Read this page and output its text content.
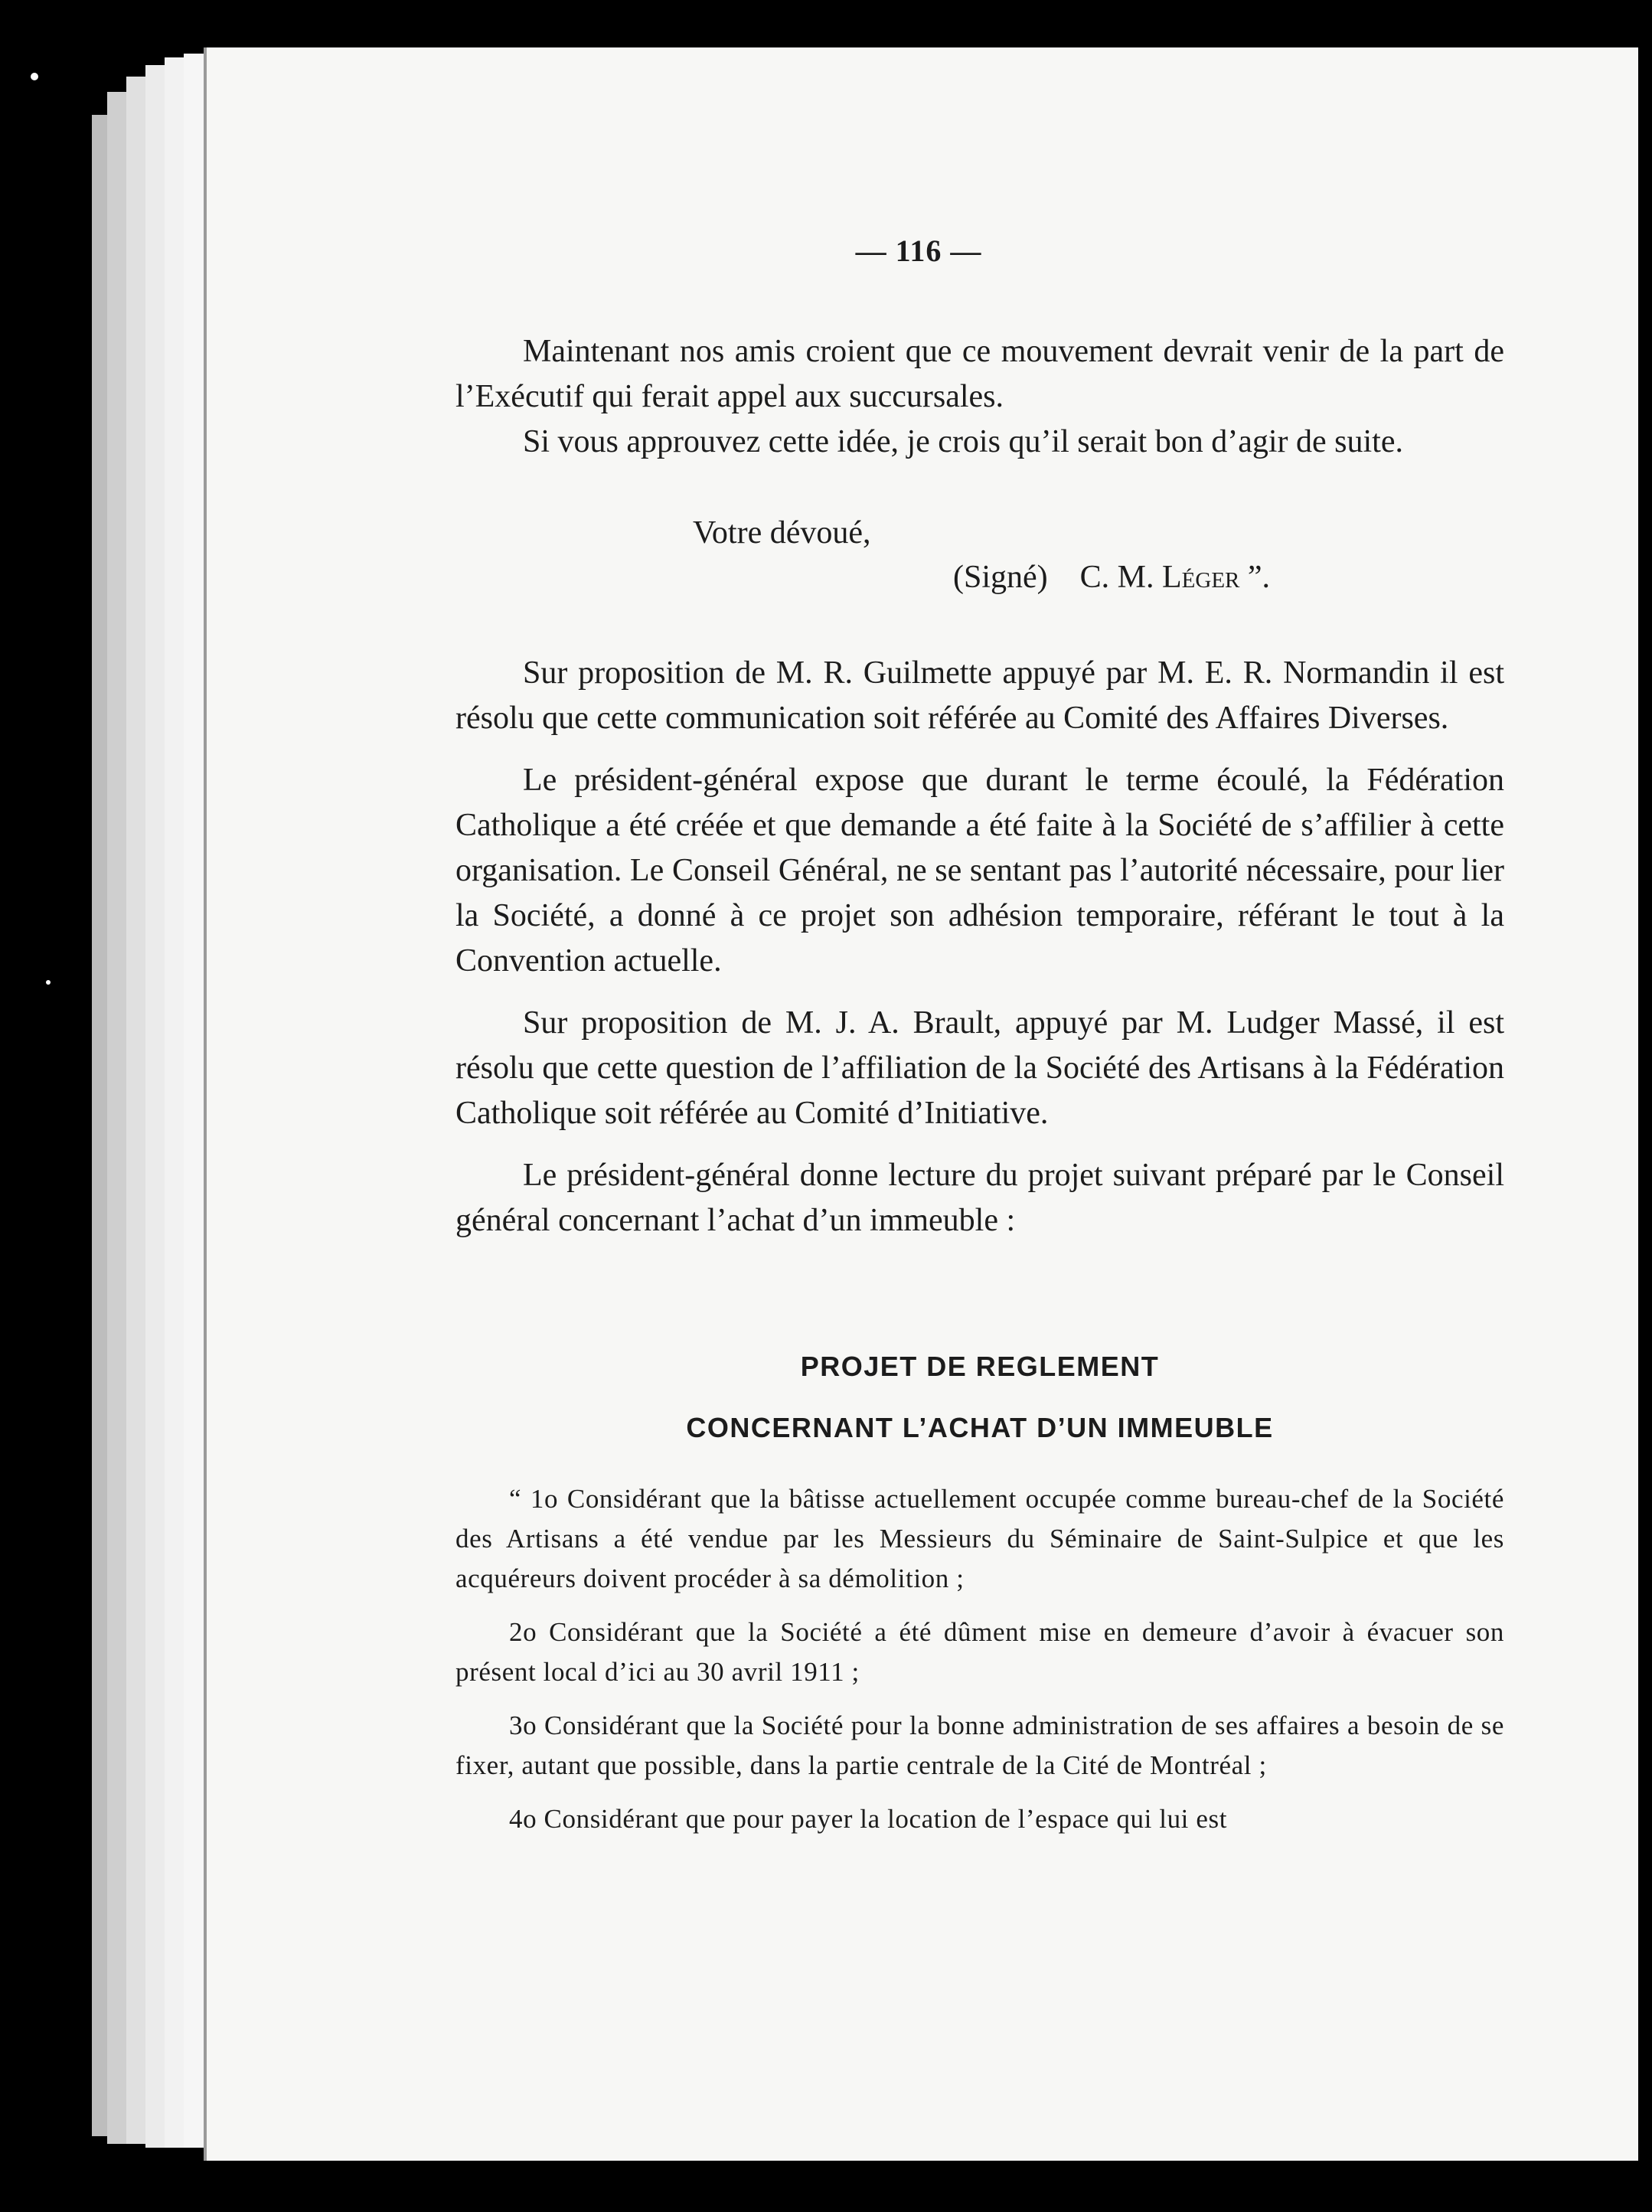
— 116 —

Maintenant nos amis croient que ce mouvement devrait venir de la part de l’Exécutif qui ferait appel aux succursales.

Si vous approuvez cette idée, je crois qu’il serait bon d’agir de suite.

Votre dévoué,
(Signé) C. M. Léger ”.

Sur proposition de M. R. Guilmette appuyé par M. E. R. Normandin il est résolu que cette communication soit référée au Comité des Affaires Diverses.

Le président-général expose que durant le terme écoulé, la Fédération Catholique a été créée et que demande a été faite à la Société de s’affilier à cette organisation. Le Conseil Général, ne se sentant pas l’autorité nécessaire, pour lier la Société, a donné à ce projet son adhésion temporaire, référant le tout à la Convention actuelle.

Sur proposition de M. J. A. Brault, appuyé par M. Ludger Massé, il est résolu que cette question de l’affiliation de la Société des Artisans à la Fédération Catholique soit référée au Comité d’Initiative.

Le président-général donne lecture du projet suivant préparé par le Conseil général concernant l’achat d’un immeuble :

PROJET DE REGLEMENT
CONCERNANT L’ACHAT D’UN IMMEUBLE

“ 1o Considérant que la bâtisse actuellement occupée comme bureau-chef de la Société des Artisans a été vendue par les Messieurs du Séminaire de Saint-Sulpice et que les acquéreurs doivent procéder à sa démolition ;

2o Considérant que la Société a été dûment mise en demeure d’avoir à évacuer son présent local d’ici au 30 avril 1911 ;

3o Considérant que la Société pour la bonne administration de ses affaires a besoin de se fixer, autant que possible, dans la partie centrale de la Cité de Montréal ;

4o Considérant que pour payer la location de l’espace qui lui est
